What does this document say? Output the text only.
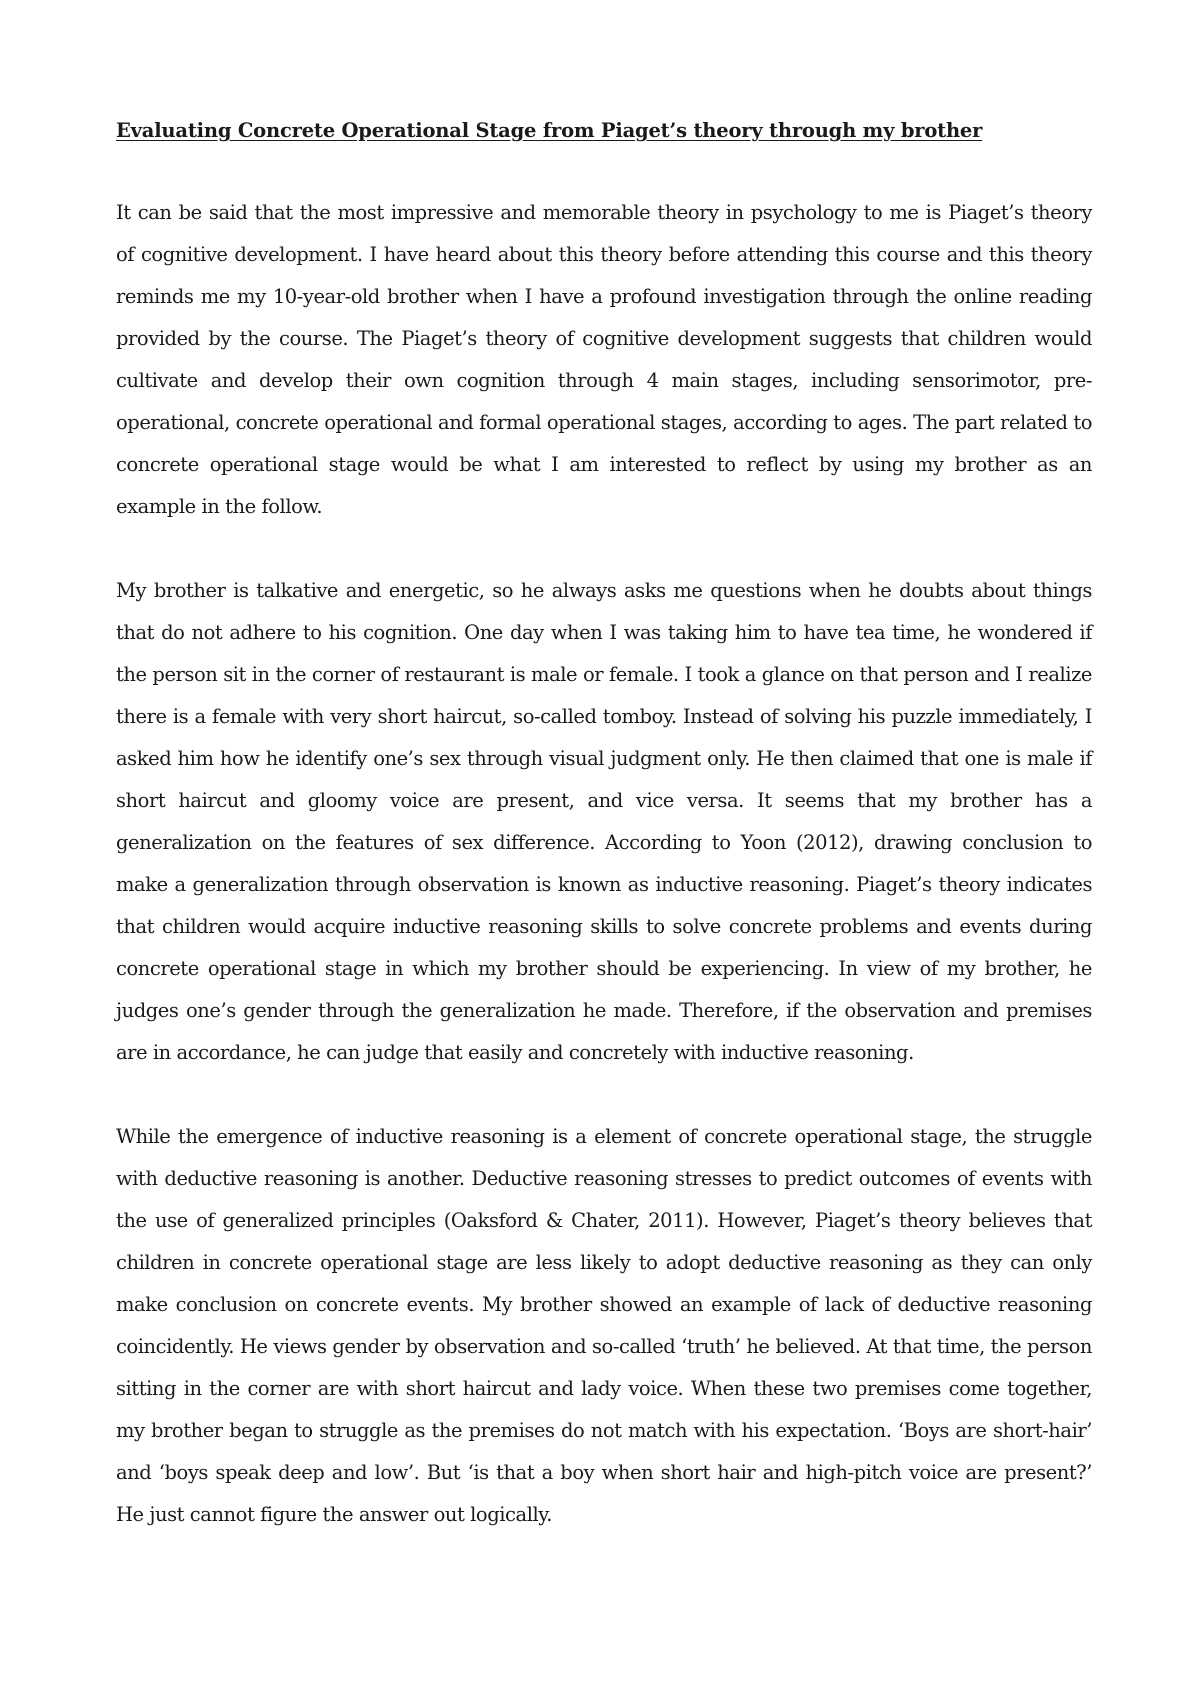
Evaluating Concrete Operational Stage from Piaget’s theory through my brother

It can be said that the most impressive and memorable theory in psychology to me is Piaget’s theory of cognitive development. I have heard about this theory before attending this course and this theory reminds me my 10-year-old brother when I have a profound investigation through the online reading provided by the course. The Piaget’s theory of cognitive development suggests that children would cultivate and develop their own cognition through 4 main stages, including sensorimotor, pre-operational, concrete operational and formal operational stages, according to ages. The part related to concrete operational stage would be what I am interested to reflect by using my brother as an example in the follow.

My brother is talkative and energetic, so he always asks me questions when he doubts about things that do not adhere to his cognition. One day when I was taking him to have tea time, he wondered if the person sit in the corner of restaurant is male or female. I took a glance on that person and I realize there is a female with very short haircut, so-called tomboy. Instead of solving his puzzle immediately, I asked him how he identify one’s sex through visual judgment only. He then claimed that one is male if short haircut and gloomy voice are present, and vice versa. It seems that my brother has a generalization on the features of sex difference. According to Yoon (2012), drawing conclusion to make a generalization through observation is known as inductive reasoning. Piaget’s theory indicates that children would acquire inductive reasoning skills to solve concrete problems and events during concrete operational stage in which my brother should be experiencing. In view of my brother, he judges one’s gender through the generalization he made. Therefore, if the observation and premises are in accordance, he can judge that easily and concretely with inductive reasoning.

While the emergence of inductive reasoning is a element of concrete operational stage, the struggle with deductive reasoning is another. Deductive reasoning stresses to predict outcomes of events with the use of generalized principles (Oaksford & Chater, 2011). However, Piaget’s theory believes that children in concrete operational stage are less likely to adopt deductive reasoning as they can only make conclusion on concrete events. My brother showed an example of lack of deductive reasoning coincidently. He views gender by observation and so-called ‘truth’ he believed. At that time, the person sitting in the corner are with short haircut and lady voice. When these two premises come together, my brother began to struggle as the premises do not match with his expectation. ‘Boys are short-hair’ and ‘boys speak deep and low’. But ‘is that a boy when short hair and high-pitch voice are present?’ He just cannot figure the answer out logically.
